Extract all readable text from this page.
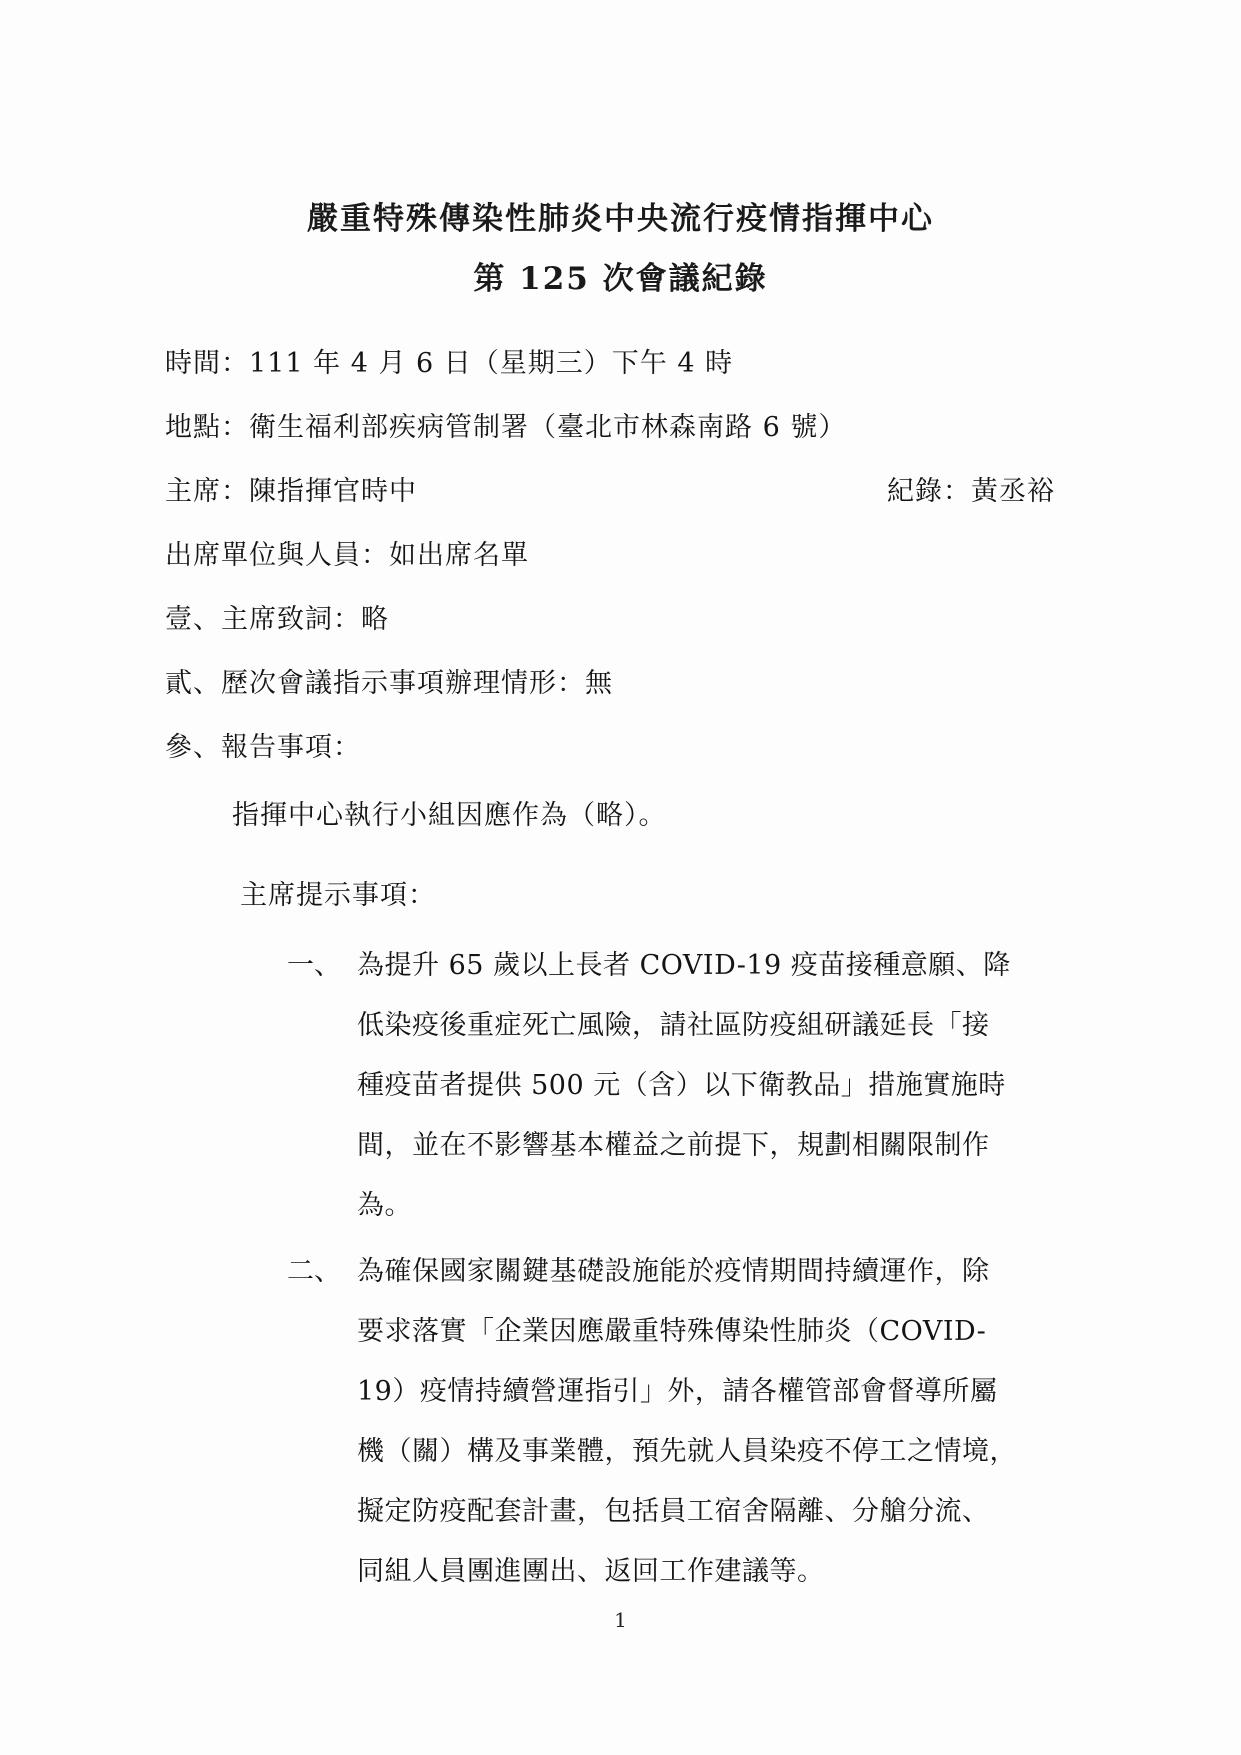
嚴重特殊傳染性肺炎中央流行疫情指揮中心
第 125 次會議紀錄
時間：111 年 4 月 6 日（星期三）下午 4 時
地點：衛生福利部疾病管制署（臺北市林森南路 6 號）
主席：陳指揮官時中	紀錄：黃丞裕
出席單位與人員：如出席名單
壹、主席致詞：略
貳、歷次會議指示事項辦理情形：無
參、報告事項：
指揮中心執行小組因應作為（略）。
主席提示事項：
一、 為提升 65 歲以上長者 COVID-19 疫苗接種意願、降
低染疫後重症死亡風險，請社區防疫組研議延長「接
種疫苗者提供 500 元（含）以下衛教品」措施實施時
間，並在不影響基本權益之前提下，規劃相關限制作
為。
二、 為確保國家關鍵基礎設施能於疫情期間持續運作，除
要求落實「企業因應嚴重特殊傳染性肺炎（COVID-
19）疫情持續營運指引」外，請各權管部會督導所屬
機（關）構及事業體，預先就人員染疫不停工之情境，
擬定防疫配套計畫，包括員工宿舍隔離、分艙分流、
同組人員團進團出、返回工作建議等。
1
